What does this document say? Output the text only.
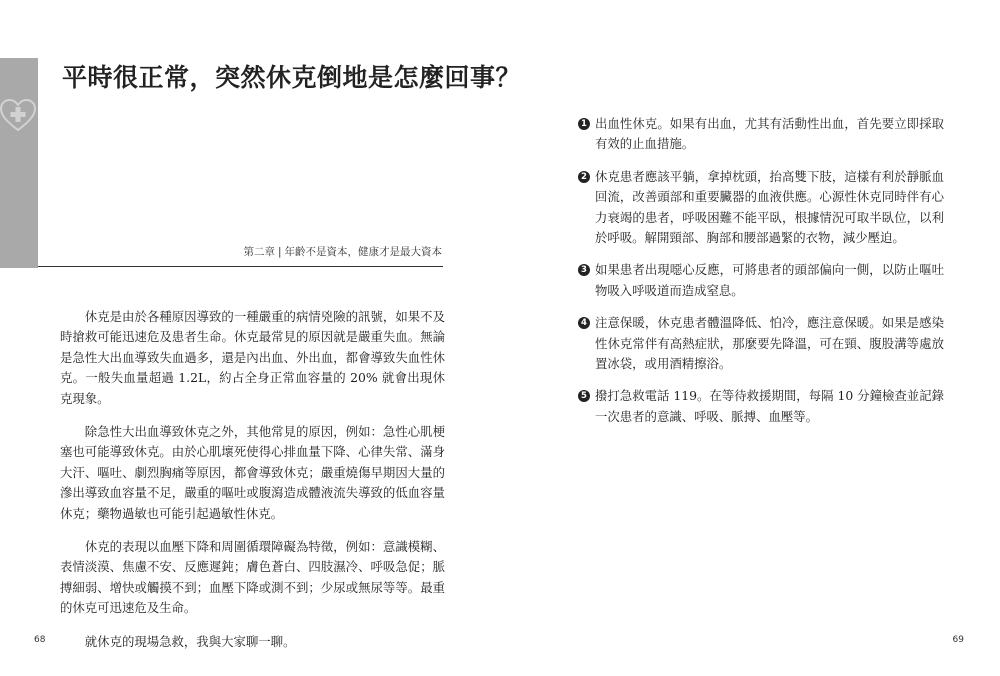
平時很正常，突然休克倒地是怎麼回事？
第二章 | 年齡不是資本，健康才是最大資本

休克是由於各種原因導致的一種嚴重的病情兇險的訊號，如果不及時搶救可能迅速危及患者生命。休克最常見的原因就是嚴重失血。無論是急性大出血導致失血過多，還是內出血、外出血，都會導致失血性休克。一般失血量超過 1.2L，約占全身正常血容量的 20% 就會出現休克現象。

除急性大出血導致休克之外，其他常見的原因，例如：急性心肌梗塞也可能導致休克。由於心肌壞死使得心排血量下降、心律失常、滿身大汗、嘔吐、劇烈胸痛等原因，都會導致休克；嚴重燒傷早期因大量的滲出導致血容量不足，嚴重的嘔吐或腹瀉造成體液流失導致的低血容量休克；藥物過敏也可能引起過敏性休克。

休克的表現以血壓下降和周圍循環障礙為特徵，例如：意識模糊、表情淡漠、焦慮不安、反應遲鈍；膚色蒼白、四肢濕冷、呼吸急促；脈搏細弱、增快或觸摸不到；血壓下降或測不到；少尿或無尿等等。最重的休克可迅速危及生命。

就休克的現場急救，我與大家聊一聊。

68
1 出血性休克。如果有出血，尤其有活動性出血，首先要立即採取有效的止血措施。
2 休克患者應該平躺，拿掉枕頭，抬高雙下肢，這樣有利於靜脈血回流，改善頭部和重要臟器的血液供應。心源性休克同時伴有心力衰竭的患者，呼吸困難不能平臥，根據情況可取半臥位，以利於呼吸。解開頸部、胸部和腰部過緊的衣物，減少壓迫。
3 如果患者出現噁心反應，可將患者的頭部偏向一側，以防止嘔吐物吸入呼吸道而造成窒息。
4 注意保暖，休克患者體溫降低、怕冷，應注意保暖。如果是感染性休克常伴有高熱症狀，那麼要先降溫，可在頸、腹股溝等處放置冰袋，或用酒精擦浴。
5 撥打急救電話 119。在等待救援期間，每隔 10 分鐘檢查並記錄一次患者的意識、呼吸、脈搏、血壓等。
69
